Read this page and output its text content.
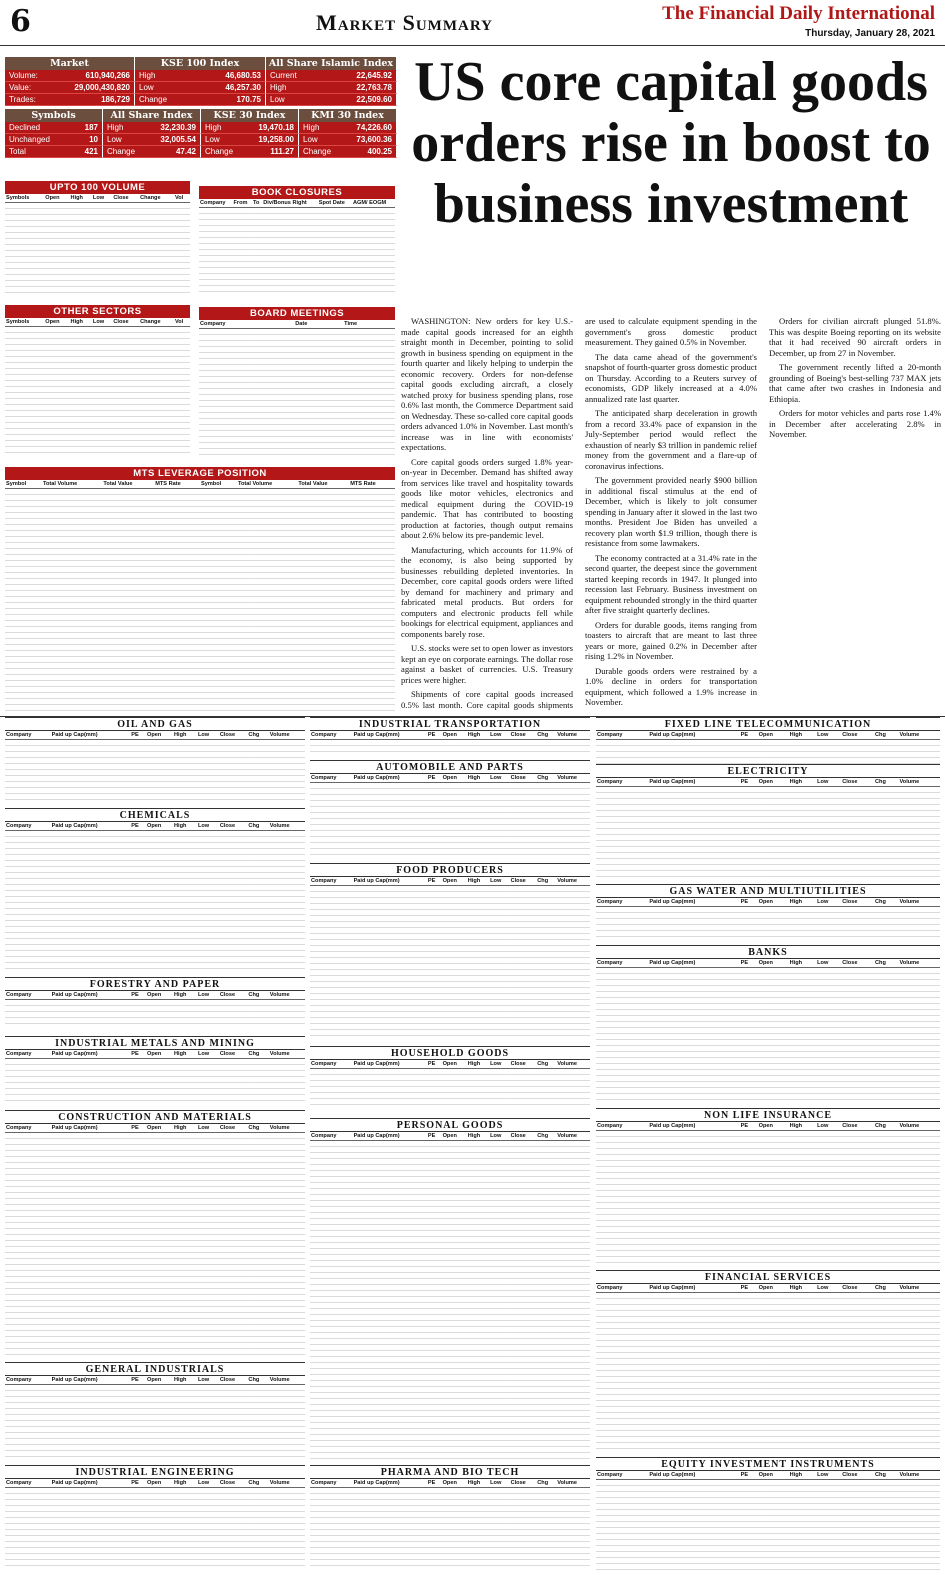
6	Market Summary	The Financial Daily International
Thursday, January 28, 2021
Market	KSE 100 Index	All Share Islamic Index
Volume:	610,940,266 High	46,680.53 Current	22,645.92
Value:	29,000,430,820 Low	46,257.30 High	22,763.78
Trades:	186,729 Change	170.75 Low	22,509.60
Symbols	All Share Index	KSE 30 Index	KMI 30 Index
Declined	187 High	32,230.39 High	19,470.18 High	74,226.60
Unchanged	10 Low	32,005.54 Low	19,258.00 Low	73,600.36
Total	421 Change	47.42 Change	111.27 Change	400.25
US core capital goods orders rise in boost to business investment

WASHINGTON: New orders for key U.S.-made capital goods increased for an eighth straight month in December, pointing to solid growth in business spending on equipment in the fourth quarter and likely helping to underpin the economic recovery. Orders for non-defense capital goods excluding aircraft, a closely watched proxy for business spending plans, rose 0.6% last month, the Commerce Department said on Wednesday. These so-called core capital goods orders advanced 1.0% in November. Last month's increase was in line with economists' expectations.

Core capital goods orders surged 1.8% year-on-year in December. Demand has shifted away from services like travel and hospitality towards goods like motor vehicles, electronics and medical equipment during the COVID-19 pandemic. That has contributed to boosting production at factories, though output remains about 2.6% below its pre-pandemic level.

Manufacturing, which accounts for 11.9% of the economy, is also being supported by businesses rebuilding depleted inventories. In December, core capital goods orders were lifted by demand for machinery and primary and fabricated metal products. But orders for computers and electronic products fell while bookings for electrical equipment, appliances and components barely rose.

U.S. stocks were set to open lower as investors kept an eye on corporate earnings. The dollar rose against a basket of currencies. U.S. Treasury prices were higher.

Shipments of core capital goods increased 0.5% last month. Core capital goods shipments are used to calculate equipment spending in the government's gross domestic product measurement. They gained 0.5% in November.

The data came ahead of the government's snapshot of fourth-quarter gross domestic product on Thursday. According to a Reuters survey of economists, GDP likely increased at a 4.0% annualized rate last quarter.

The anticipated sharp deceleration in growth from a record 33.4% pace of expansion in the July-September period would reflect the exhaustion of nearly $3 trillion in pandemic relief money from the government and a flare-up of coronavirus infections.

The government provided nearly $900 billion in additional fiscal stimulus at the end of December, which is likely to jolt consumer spending in January after it slowed in the last two months. President Joe Biden has unveiled a recovery plan worth $1.9 trillion, though there is resistance from some lawmakers.

The economy contracted at a 31.4% rate in the second quarter, the deepest since the government started keeping records in 1947. It plunged into recession last February. Business investment on equipment rebounded strongly in the third quarter after five straight quarterly declines.

Orders for durable goods, items ranging from toasters to aircraft that are meant to last three years or more, gained 0.2% in December after rising 1.2% in November.

Durable goods orders were restrained by a 1.0% decline in orders for transportation equipment, which followed a 1.9% increase in November.

Orders for civilian aircraft plunged 51.8%. This was despite Boeing reporting on its website that it had received 90 aircraft orders in December, up from 27 in November.

The government recently lifted a 20-month grounding of Boeing's best-selling 737 MAX jets that came after two crashes in Indonesia and Ethiopia.

Orders for motor vehicles and parts rose 1.4% in December after accelerating 2.8% in November.

UPTO 100 VOLUME
Symbols	Open	High	Low	Close	Change	Vol	BOOK CLOSURES
Company	From	To	Div/Bonus Right	Spot Date	AGM/ EOGM
OTHER SECTORS
Symbols	Open	High	Low	Close	Change	Vol
BOARD MEETINGS
Company	Date	Time
MTS LEVERAGE POSITION
Symbol	Total Volume	Total Value	MTS Rate	Symbol	Total Volume	Total Value	MTS Rate
OIL AND GAS
Company	Paid up Cap(mm)	PE	Open	High	Low	Close	Chg	Volume
CHEMICALS
Company	Paid up Cap(mm)	PE	Open	High	Low	Close	Chg	Volume
FORESTRY AND PAPER
Company	Paid up Cap(mm)	PE	Open	High	Low	Close	Chg	Volume
INDUSTRIAL METALS AND MINING
Company	Paid up Cap(mm)	PE	Open	High	Low	Close	Chg	Volume
CONSTRUCTION AND MATERIALS
Company	Paid up Cap(mm)	PE	Open	High	Low	Close	Chg	Volume
GENERAL INDUSTRIALS
Company	Paid up Cap(mm)	PE	Open	High	Low	Close	Chg	Volume
INDUSTRIAL ENGINEERING
Company	Paid up Cap(mm)	PE	Open	High	Low	Close	Chg	Volume
INDUSTRIAL TRANSPORTATION
Company	Paid up Cap(mm)	PE	Open	High	Low	Close	Chg	Volume
AUTOMOBILE AND PARTS
Company	Paid up Cap(mm)	PE	Open	High	Low	Close	Chg	Volume
FOOD PRODUCERS
Company	Paid up Cap(mm)	PE	Open	High	Low	Close	Chg	Volume
HOUSEHOLD GOODS
Company	Paid up Cap(mm)	PE	Open	High	Low	Close	Chg	Volume
PERSONAL GOODS
Company	Paid up Cap(mm)	PE	Open	High	Low	Close	Chg	Volume
PHARMA AND BIO TECH
Company	Paid up Cap(mm)	PE	Open	High	Low	Close	Chg	Volume
FIXED LINE TELECOMMUNICATION
Company	Paid up Cap(mm)	PE	Open	High	Low	Close	Chg	Volume
ELECTRICITY
Company	Paid up Cap(mm)	PE	Open	High	Low	Close	Chg	Volume
GAS WATER AND MULTIUTILITIES
Company	Paid up Cap(mm)	PE	Open	High	Low	Close	Chg	Volume
BANKS
Company	Paid up Cap(mm)	PE	Open	High	Low	Close	Chg	Volume
NON LIFE INSURANCE
Company	Paid up Cap(mm)	PE	Open	High	Low	Close	Chg	Volume
FINANCIAL SERVICES
Company	Paid up Cap(mm)	PE	Open	High	Low	Close	Chg	Volume
EQUITY INVESTMENT INSTRUMENTS
Company	Paid up Cap(mm)	PE	Open	High	Low	Close	Chg	Volume
